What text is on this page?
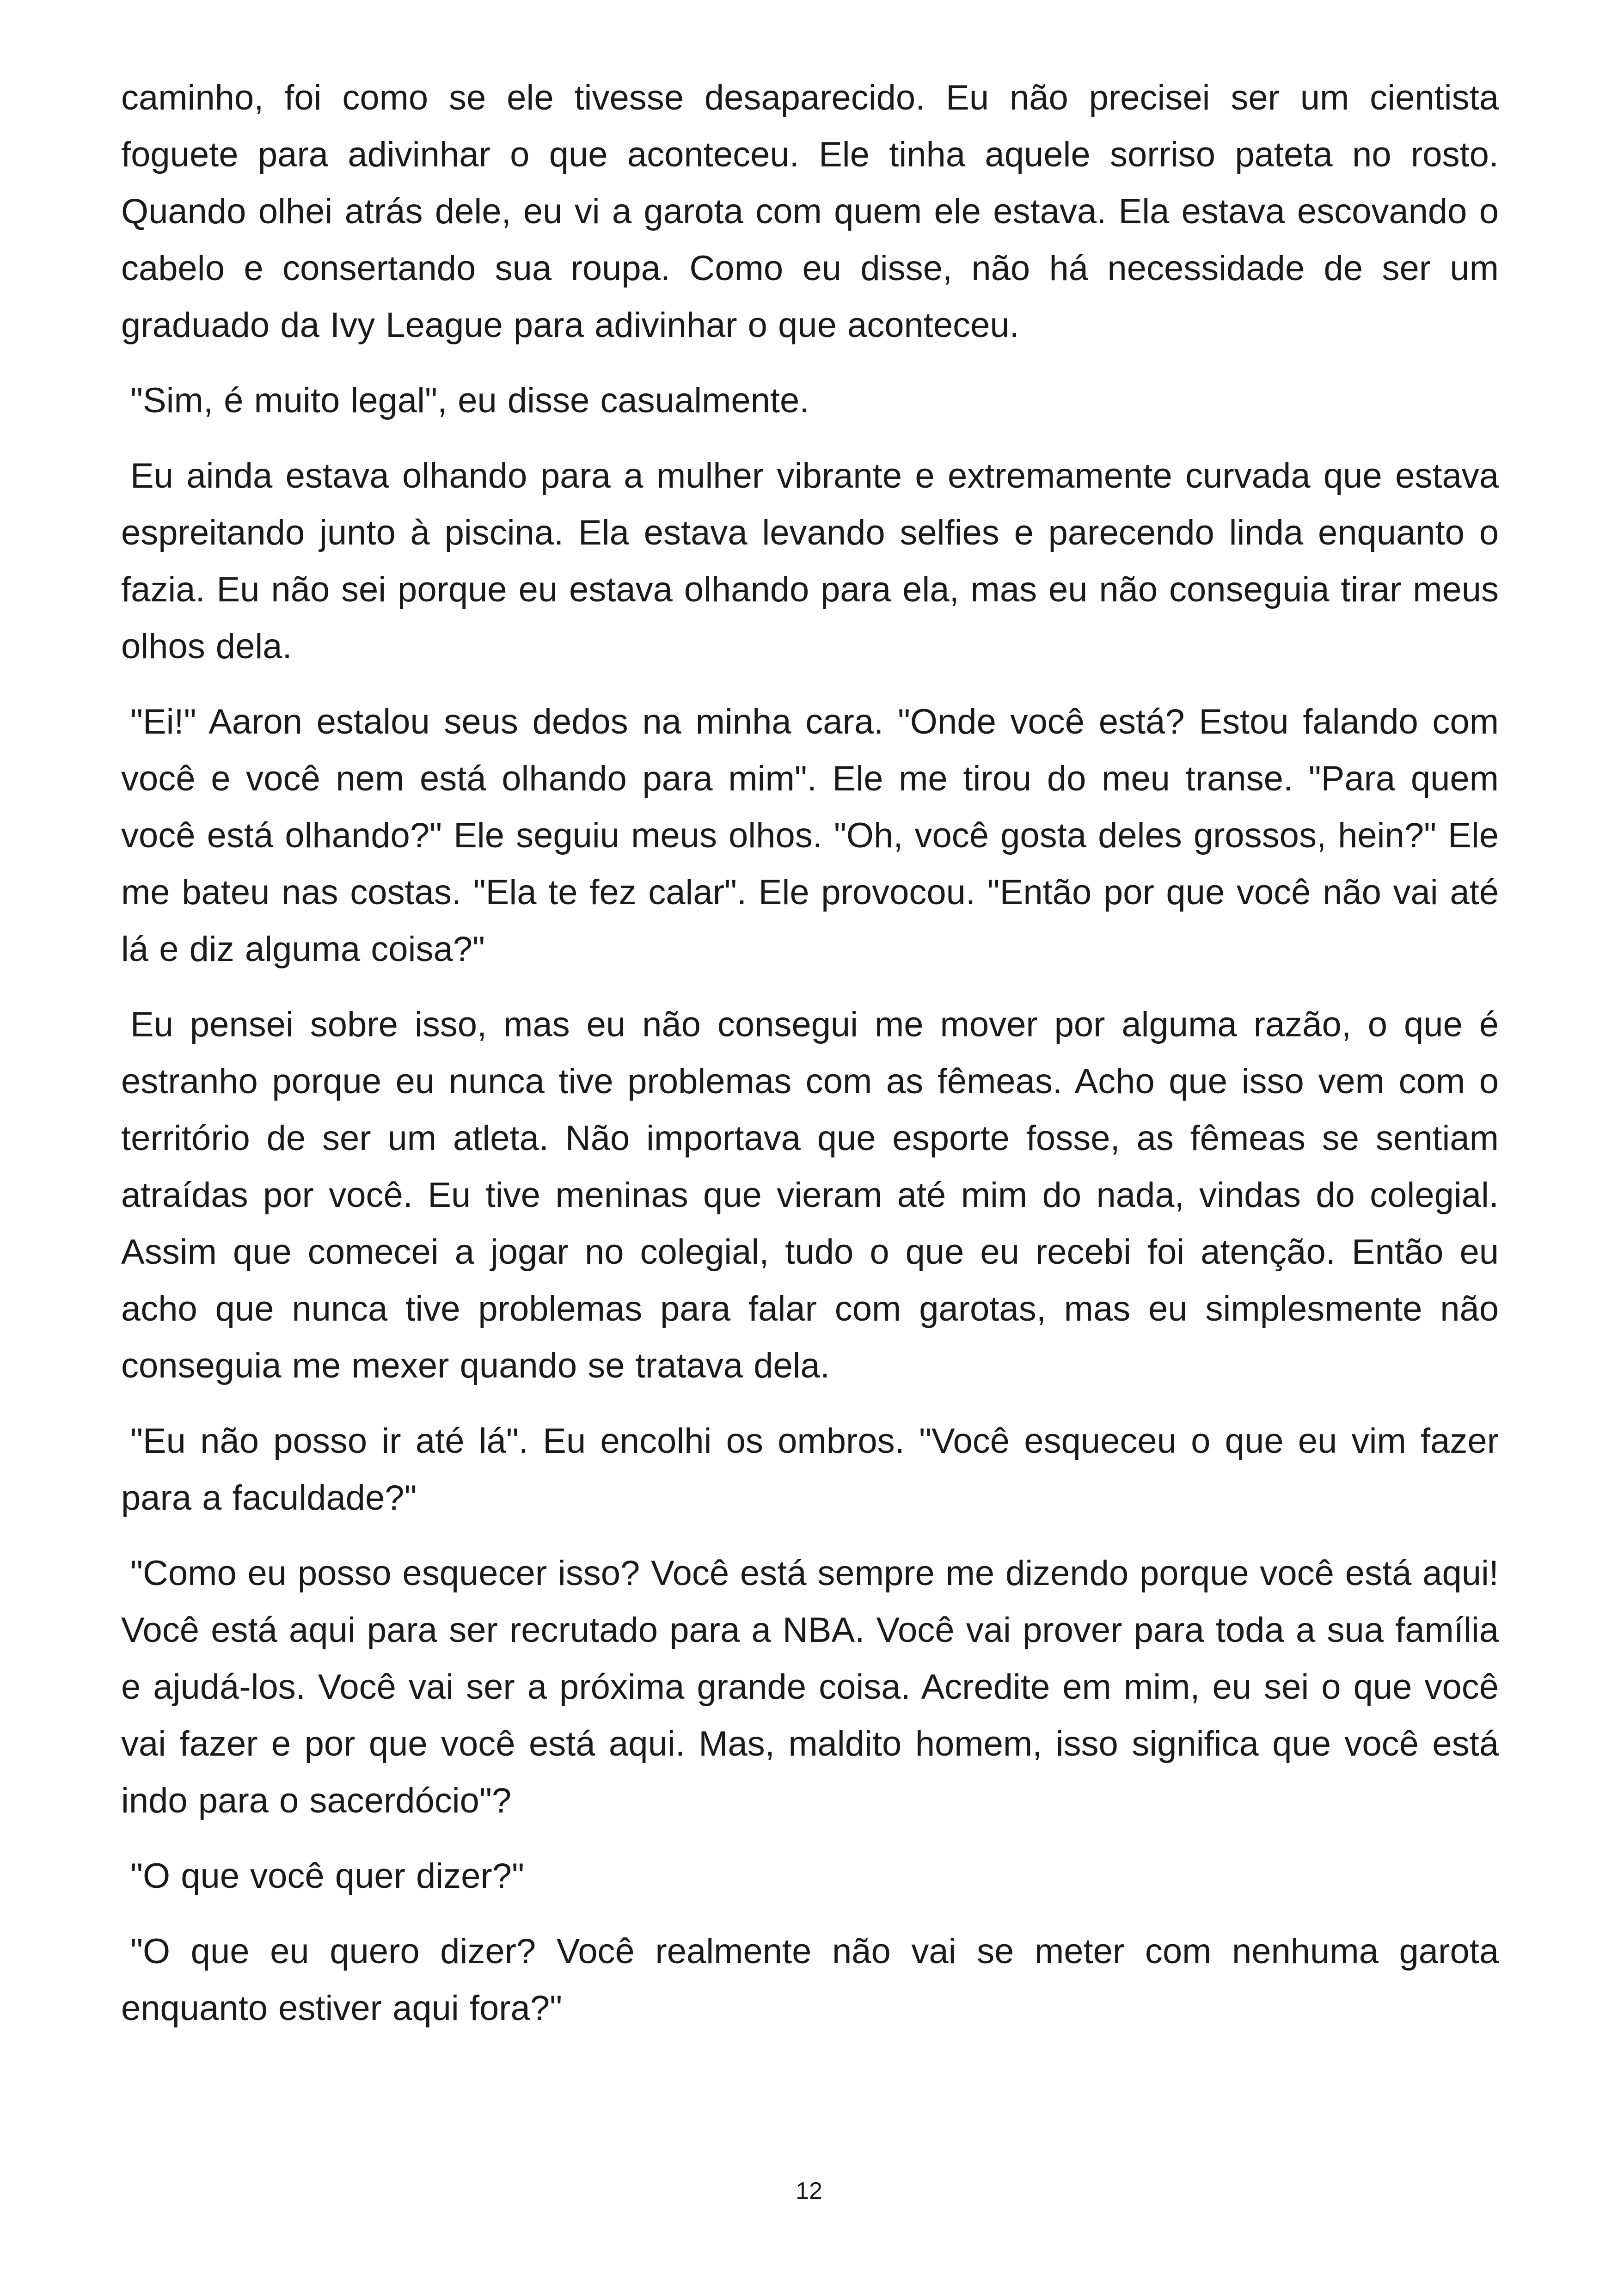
caminho, foi como se ele tivesse desaparecido. Eu não precisei ser um cientista foguete para adivinhar o que aconteceu. Ele tinha aquele sorriso pateta no rosto. Quando olhei atrás dele, eu vi a garota com quem ele estava. Ela estava escovando o cabelo e consertando sua roupa. Como eu disse, não há necessidade de ser um graduado da Ivy League para adivinhar o que aconteceu.

"Sim, é muito legal", eu disse casualmente.

Eu ainda estava olhando para a mulher vibrante e extremamente curvada que estava espreitando junto à piscina. Ela estava levando selfies e parecendo linda enquanto o fazia. Eu não sei porque eu estava olhando para ela, mas eu não conseguia tirar meus olhos dela.

"Ei!" Aaron estalou seus dedos na minha cara. "Onde você está? Estou falando com você e você nem está olhando para mim". Ele me tirou do meu transe. "Para quem você está olhando?" Ele seguiu meus olhos. "Oh, você gosta deles grossos, hein?" Ele me bateu nas costas. "Ela te fez calar". Ele provocou. "Então por que você não vai até lá e diz alguma coisa?"

Eu pensei sobre isso, mas eu não consegui me mover por alguma razão, o que é estranho porque eu nunca tive problemas com as fêmeas. Acho que isso vem com o território de ser um atleta. Não importava que esporte fosse, as fêmeas se sentiam atraídas por você. Eu tive meninas que vieram até mim do nada, vindas do colegial. Assim que comecei a jogar no colegial, tudo o que eu recebi foi atenção. Então eu acho que nunca tive problemas para falar com garotas, mas eu simplesmente não conseguia me mexer quando se tratava dela.

"Eu não posso ir até lá". Eu encolhi os ombros. "Você esqueceu o que eu vim fazer para a faculdade?"

"Como eu posso esquecer isso? Você está sempre me dizendo porque você está aqui! Você está aqui para ser recrutado para a NBA. Você vai prover para toda a sua família e ajudá-los. Você vai ser a próxima grande coisa. Acredite em mim, eu sei o que você vai fazer e por que você está aqui. Mas, maldito homem, isso significa que você está indo para o sacerdócio"?

"O que você quer dizer?"

"O que eu quero dizer? Você realmente não vai se meter com nenhuma garota enquanto estiver aqui fora?"

12
